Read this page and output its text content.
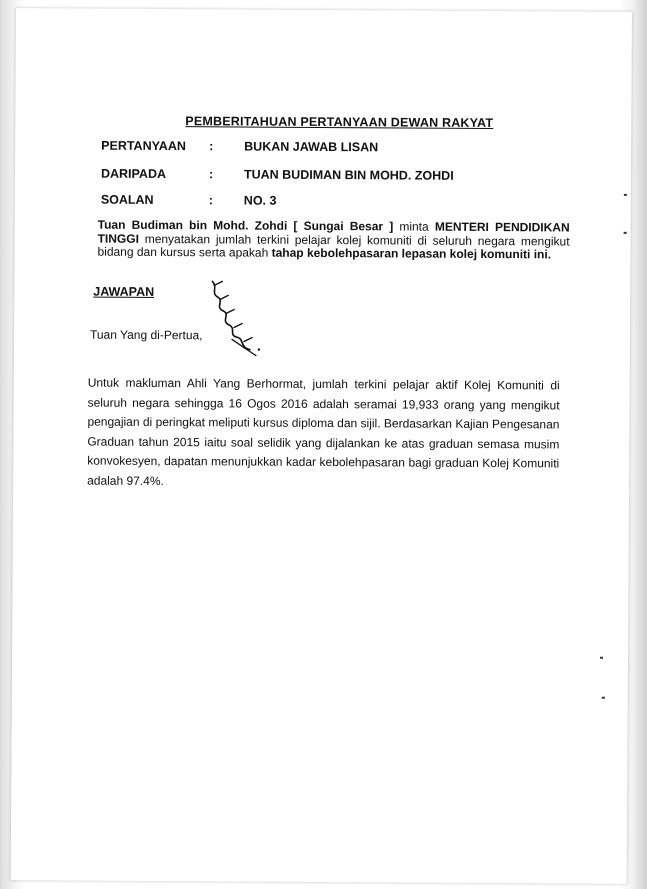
PEMBERITAHUAN PERTANYAAN DEWAN RAKYAT
PERTANYAAN : BUKAN JAWAB LISAN
DARIPADA	: TUAN BUDIMAN BIN MOHD. ZOHDI
SOALAN	: NO. 3
Tuan Budiman bin Mohd. Zohdi [ Sungai Besar ] minta MENTERI PENDIDIKAN TINGGI menyatakan jumlah terkini pelajar kolej komuniti di seluruh negara mengikut bidang dan kursus serta apakah tahap kebolehpasaran lepasan kolej komuniti ini.
JAWAPAN
Tuan Yang di-Pertua,
Untuk makluman Ahli Yang Berhormat, jumlah terkini pelajar aktif Kolej Komuniti di seluruh negara sehingga 16 Ogos 2016 adalah seramai 19,933 orang yang mengikut pengajian di peringkat meliputi kursus diploma dan sijil. Berdasarkan Kajian Pengesanan Graduan tahun 2015 iaitu soal selidik yang dijalankan ke atas graduan semasa musim konvokesyen, dapatan menunjukkan kadar kebolehpasaran bagi graduan Kolej Komuniti adalah 97.4%.
